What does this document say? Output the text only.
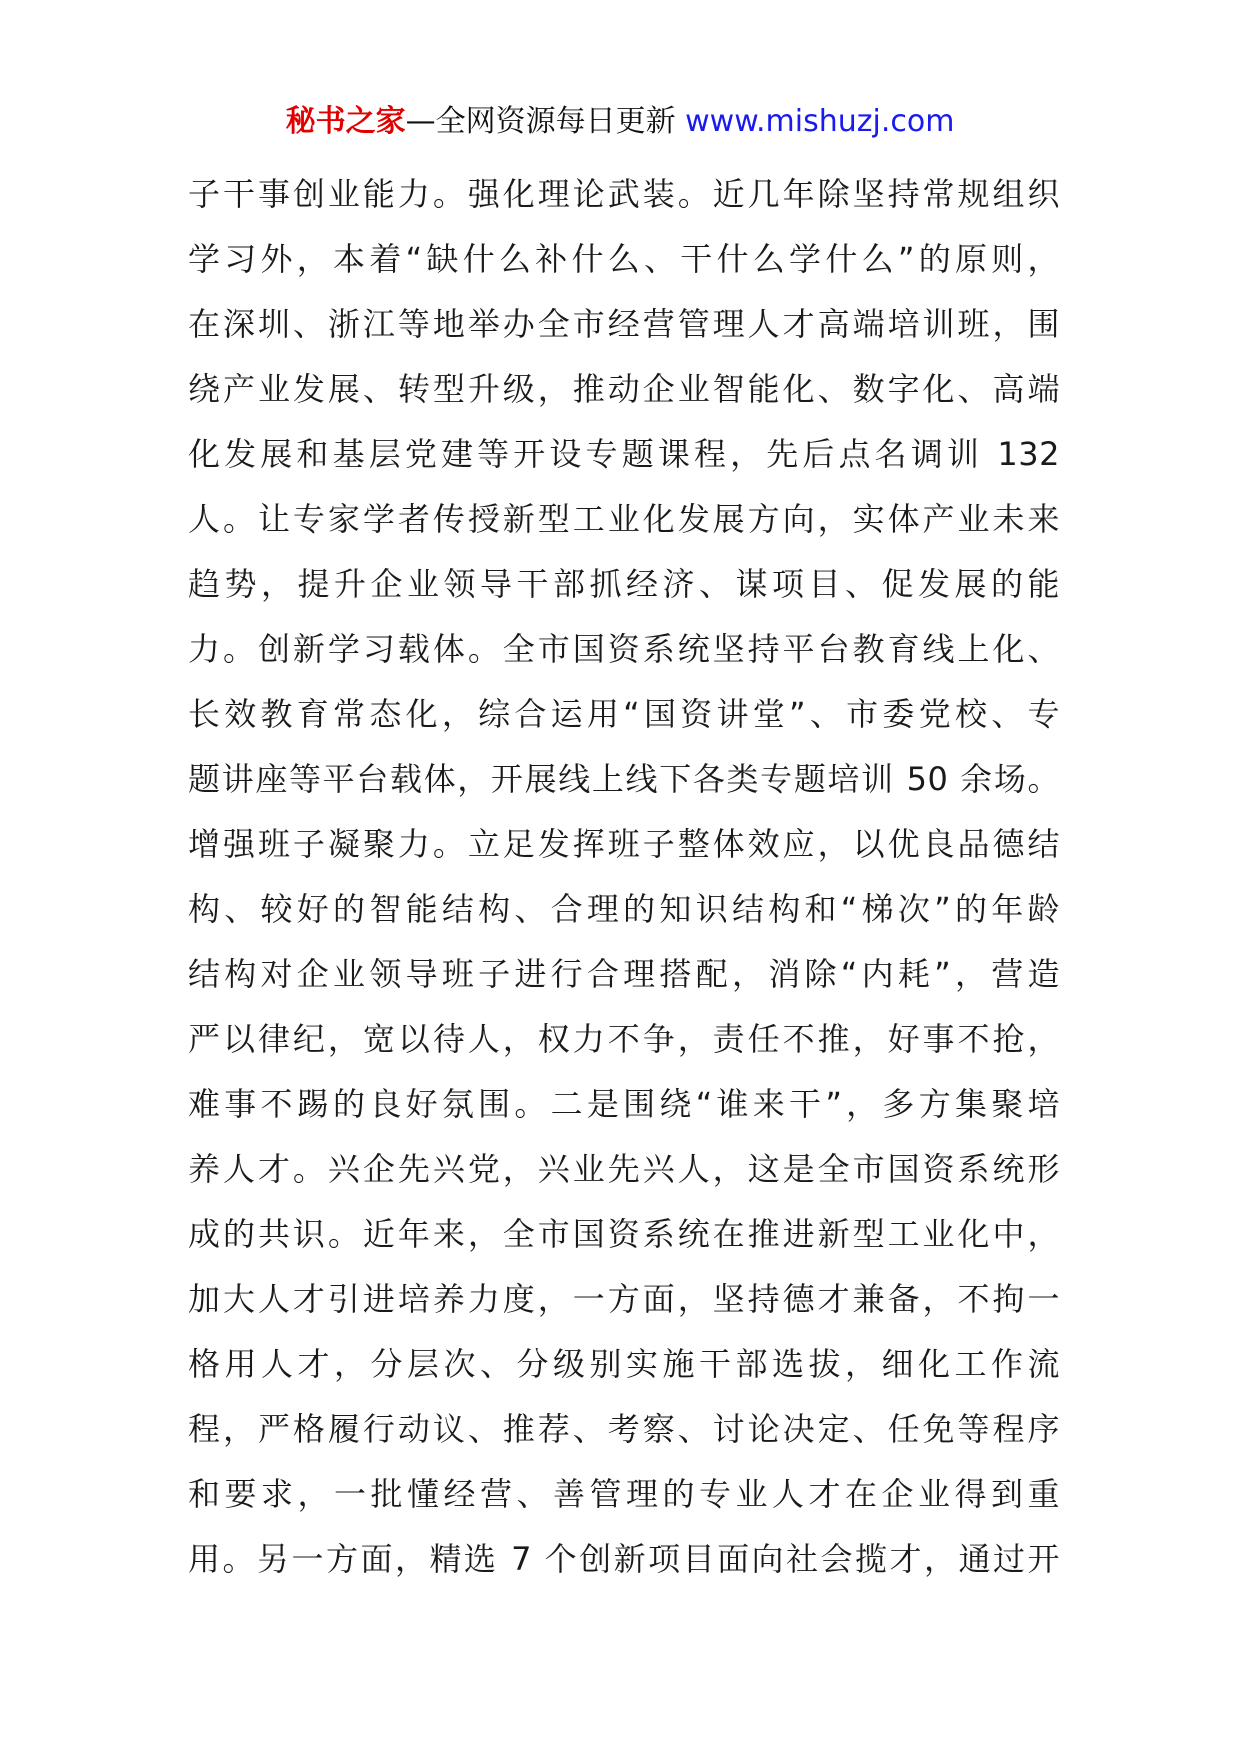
秘书之家—全网资源每日更新 www.mishuzj.com
子干事创业能力。强化理论武装。近几年除坚持常规组织
学习外，本着“缺什么补什么、干什么学什么”的原则，
在深圳、浙江等地举办全市经营管理人才高端培训班，围
绕产业发展、转型升级，推动企业智能化、数字化、高端
化发展和基层党建等开设专题课程，先后点名调训 132
人。让专家学者传授新型工业化发展方向，实体产业未来
趋势，提升企业领导干部抓经济、谋项目、促发展的能
力。创新学习载体。全市国资系统坚持平台教育线上化、
长效教育常态化，综合运用“国资讲堂”、市委党校、专
题讲座等平台载体，开展线上线下各类专题培训 50 余场。
增强班子凝聚力。立足发挥班子整体效应，以优良品德结
构、较好的智能结构、合理的知识结构和“梯次”的年龄
结构对企业领导班子进行合理搭配，消除“内耗”，营造
严以律纪，宽以待人，权力不争，责任不推，好事不抢，
难事不踢的良好氛围。二是围绕“谁来干”，多方集聚培
养人才。兴企先兴党，兴业先兴人，这是全市国资系统形
成的共识。近年来，全市国资系统在推进新型工业化中，
加大人才引进培养力度，一方面，坚持德才兼备，不拘一
格用人才，分层次、分级别实施干部选拔，细化工作流
程，严格履行动议、推荐、考察、讨论决定、任免等程序
和要求，一批懂经营、善管理的专业人才在企业得到重
用。另一方面，精选 7 个创新项目面向社会揽才，通过开
